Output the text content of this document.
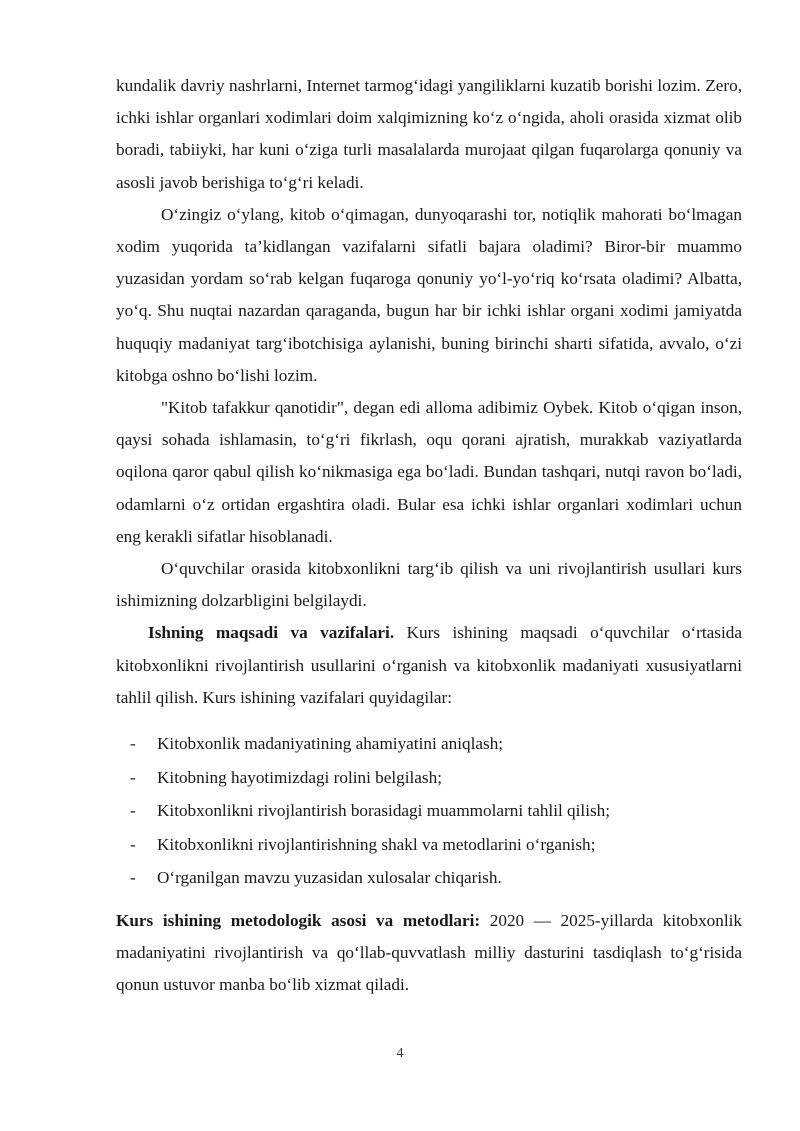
kundalik davriy nashrlarni, Internet tarmog‘idagi yangiliklarni kuzatib borishi lozim. Zero, ichki ishlar organlari xodimlari doim xalqimizning ko‘z o‘ngida, aholi orasida xizmat olib boradi, tabiiyki, har kuni o‘ziga turli masalalarda murojaat qilgan fuqarolarga qonuniy va asosli javob berishiga to‘g‘ri keladi.

O‘zingiz o‘ylang, kitob o‘qimagan, dunyoqarashi tor, notiqlik mahorati bo‘lmagan xodim yuqorida ta’kidlangan vazifalarni sifatli bajara oladimi? Biror-bir muammo yuzasidan yordam so‘rab kelgan fuqaroga qonuniy yo‘l-yo‘riq ko‘rsata oladimi? Albatta, yo‘q. Shu nuqtai nazardan qaraganda, bugun har bir ichki ishlar organi xodimi jamiyatda huquqiy madaniyat targ‘ibotchisiga aylanishi, buning birinchi sharti sifatida, avvalo, o‘zi kitobga oshno bo‘lishi lozim.

"Kitob tafakkur qanotidir", degan edi alloma adibimiz Oybek. Kitob o‘qigan inson, qaysi sohada ishlamasin, to‘g‘ri fikrlash, oqu qorani ajratish, murakkab vaziyatlarda oqilona qaror qabul qilish ko‘nikmasiga ega bo‘ladi. Bundan tashqari, nutqi ravon bo‘ladi, odamlarni o‘z ortidan ergashtira oladi. Bular esa ichki ishlar organlari xodimlari uchun eng kerakli sifatlar hisoblanadi.

O‘quvchilar orasida kitobxonlikni targ‘ib qilish va uni rivojlantirish usullari kurs ishimizning dolzarbligini belgilaydi.

Ishning maqsadi va vazifalari. Kurs ishining maqsadi o‘quvchilar o‘rtasida kitobxonlikni rivojlantirish usullarini o‘rganish va kitobxonlik madaniyati xususiyatlarni tahlil qilish. Kurs ishining vazifalari quyidagilar:

- Kitobxonlik madaniyatining ahamiyatini aniqlash;
- Kitobning hayotimizdagi rolini belgilash;
- Kitobxonlikni rivojlantirish borasidagi muammolarni tahlil qilish;
- Kitobxonlikni rivojlantirishning shakl va metodlarini o‘rganish;
- O‘rganilgan mavzu yuzasidan xulosalar chiqarish.

Kurs ishining metodologik asosi va metodlari: 2020 — 2025-yillarda kitobxonlik madaniyatini rivojlantirish va qo‘llab-quvvatlash milliy dasturini tasdiqlash to‘g‘risida qonun ustuvor manba bo‘lib xizmat qiladi.

4
